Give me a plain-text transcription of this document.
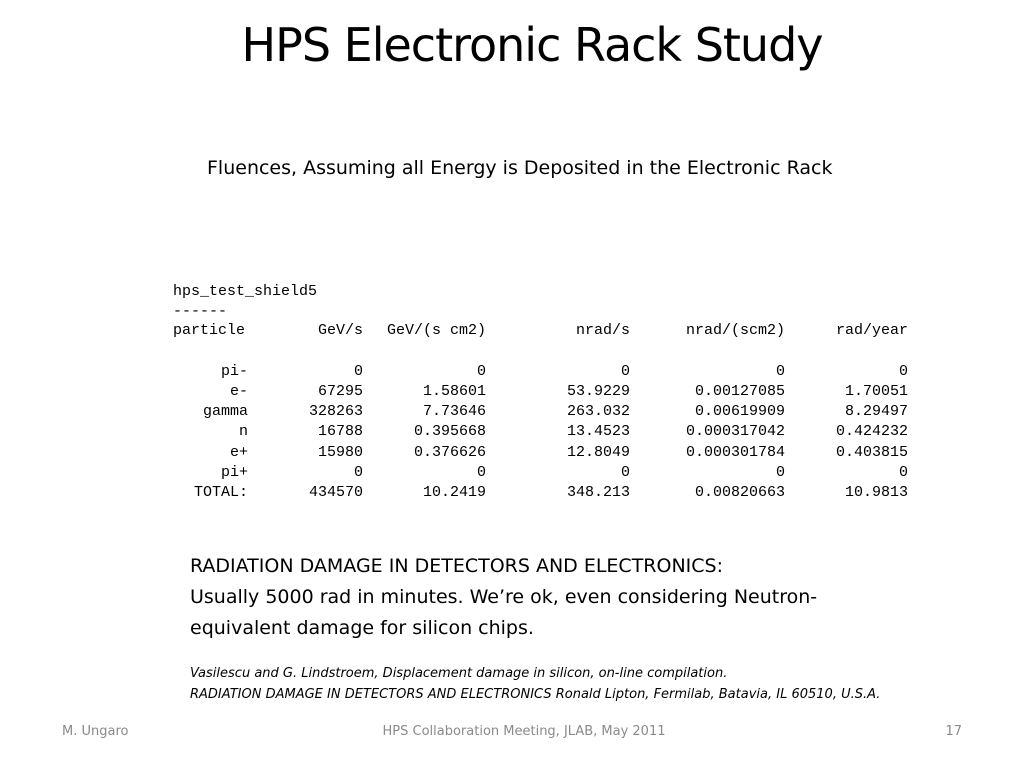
HPS Electronic Rack Study
Fluences, Assuming all Energy is Deposited in the Electronic Rack
hps_test_shield5
------
particle	GeV/s	GeV/(s cm2)	nrad/s	nrad/(scm2)	rad/year

pi-	0	0	0	0	0
e-	67295	1.58601	53.9229	0.00127085	1.70051
gamma	328263	7.73646	263.032	0.00619909	8.29497
n	16788	0.395668	13.4523	0.000317042	0.424232
e+	15980	0.376626	12.8049	0.000301784	0.403815
pi+	0	0	0	0	0
TOTAL:	434570	10.2419	348.213	0.00820663	10.9813

RADIATION DAMAGE IN DETECTORS AND ELECTRONICS:

Usually 5000 rad in minutes. We’re ok, even considering Neutron-equivalent damage for silicon chips.

Vasilescu and G. Lindstroem, Displacement damage in silicon, on-line compilation.

RADIATION DAMAGE IN DETECTORS AND ELECTRONICS Ronald Lipton, Fermilab, Batavia, IL 60510, U.S.A.

M. Ungaro	HPS Collaboration Meeting, JLAB, May 2011	17
